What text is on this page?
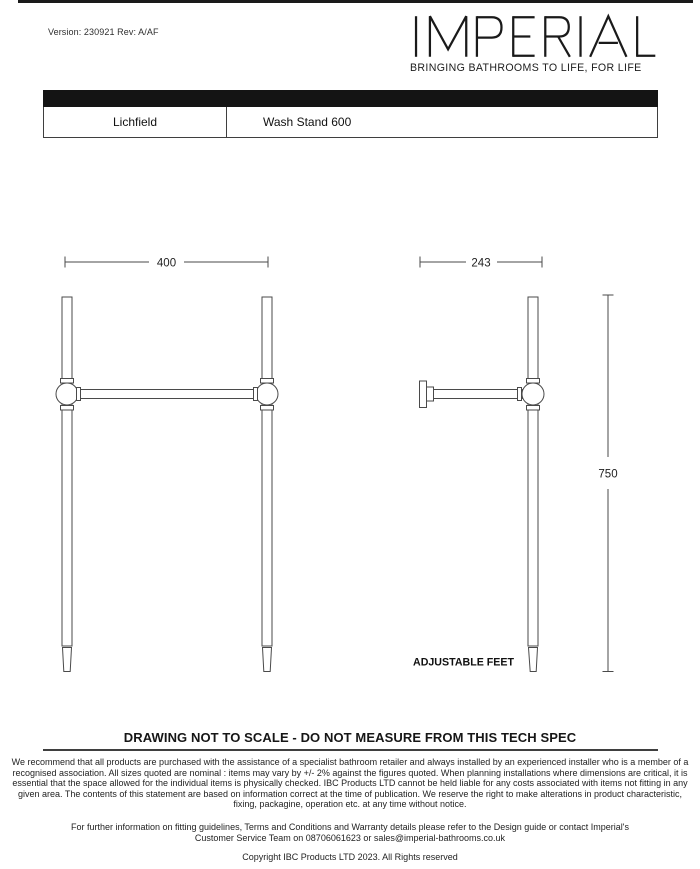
Version: 230921 Rev: A/AF
BRINGING BATHROOMS TO LIFE, FOR LIFE
Lichfield	Wash Stand 600
400	243
750
ADJUSTABLE FEET
DRAWING NOT TO SCALE - DO NOT MEASURE FROM THIS TECH SPEC
We recommend that all products are purchased with the assistance of a specialist bathroom retailer and always installed by an experienced installer who is a member of a recognised association. All sizes quoted are nominal : items may vary by +/- 2% against the figures quoted. When planning installations where dimensions are critical, it is essential that the space allowed for the individual items is physically checked. IBC Products LTD cannot be held liable for any costs associated with items not fitting in any given area. The contents of this statement are based on information correct at the time of publication. We reserve the right to make alterations in product characteristic, fixing, packagine, operation etc. at any time without notice.
For further information on fitting guidelines, Terms and Conditions and Warranty details please refer to the Design guide or contact Imperial's Customer Service Team on 08706061623 or sales@imperial-bathrooms.co.uk
Copyright IBC Products LTD 2023. All Rights reserved
